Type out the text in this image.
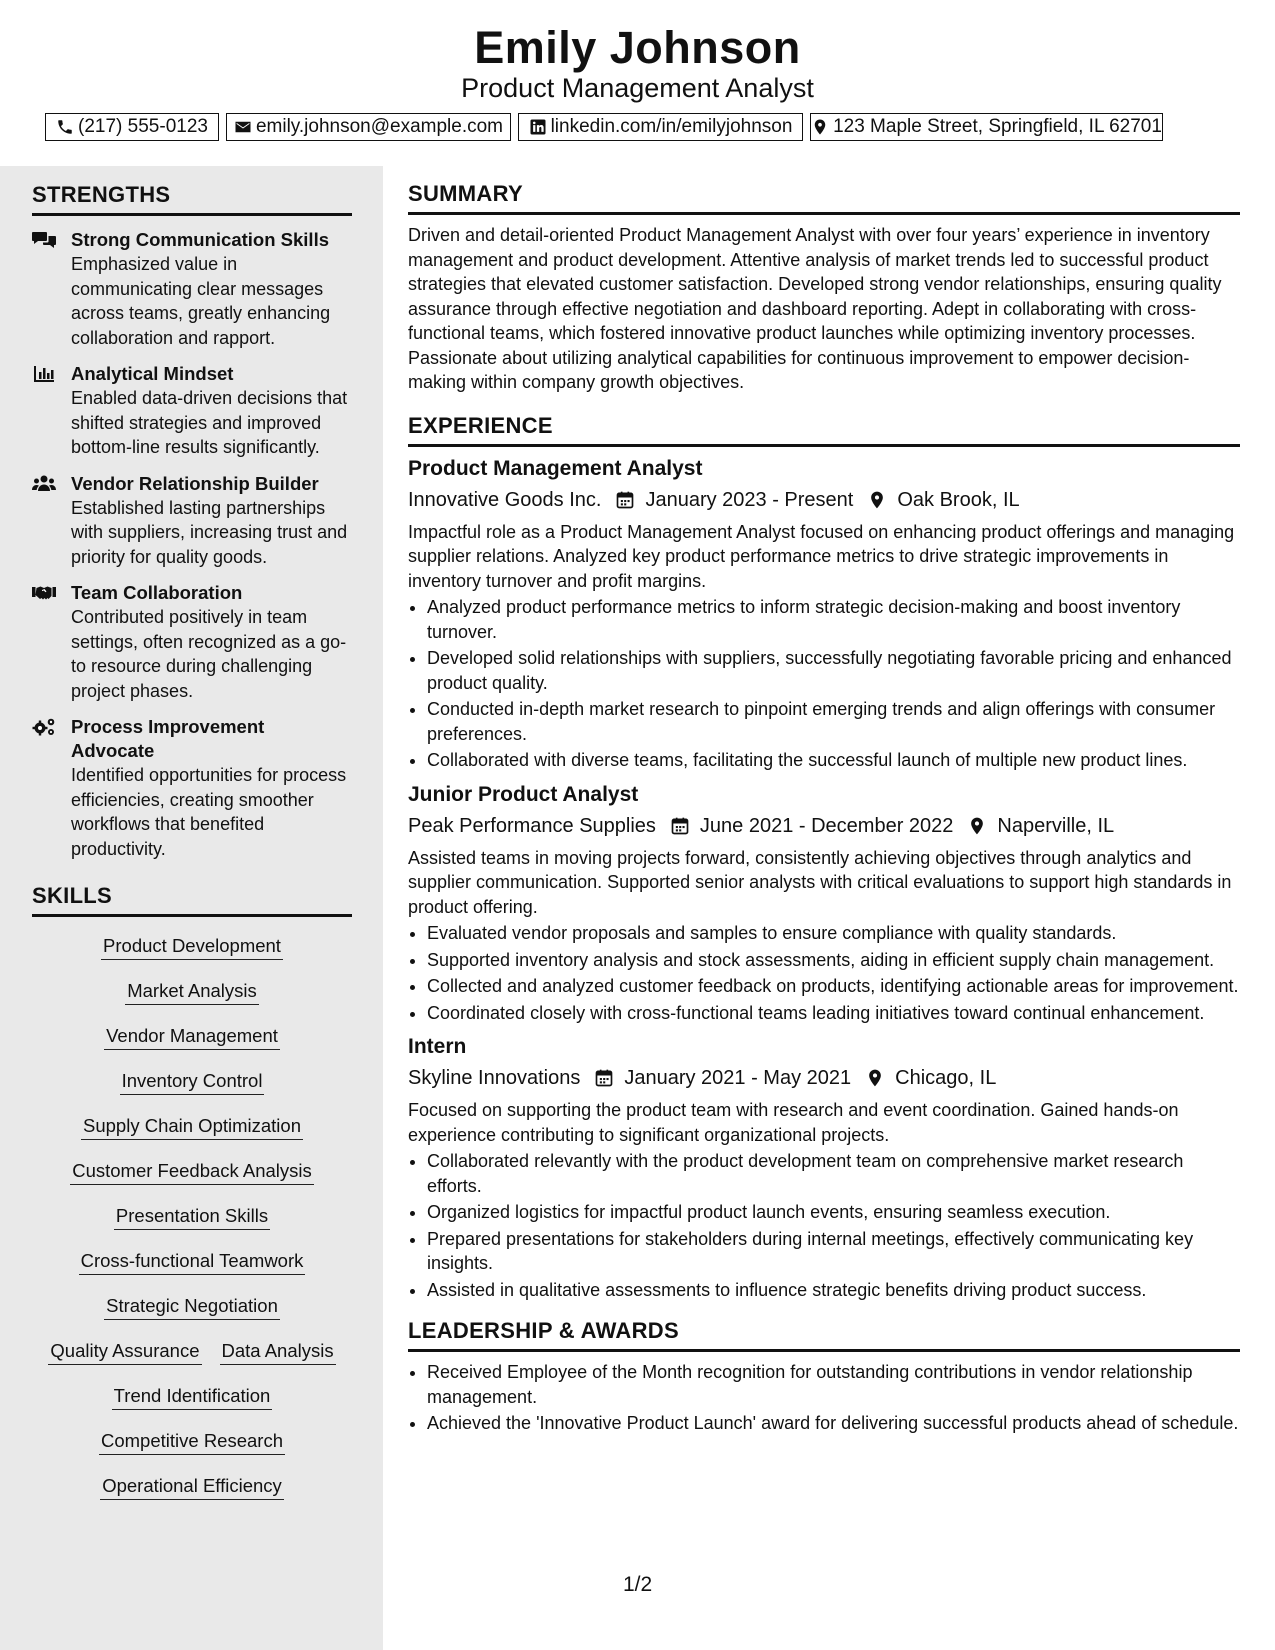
Emily Johnson
Product Management Analyst
(217) 555-0123	emily.johnson@example.com	linkedin.com/in/emilyjohnson 123 Maple Street, Springfield, IL 62701
STRENGTHS
Strong Communication Skills
Emphasized value in communicating clear messages across teams, greatly enhancing collaboration and rapport.
Analytical Mindset
Enabled data-driven decisions that shifted strategies and improved bottom-line results significantly.
Vendor Relationship Builder
Established lasting partnerships with suppliers, increasing trust and priority for quality goods.
Team Collaboration
Contributed positively in team settings, often recognized as a go-to resource during challenging project phases.
Process Improvement Advocate
Identified opportunities for process efficiencies, creating smoother workflows that benefited productivity.
SKILLS
Product Development
Market Analysis
Vendor Management
Inventory Control
Supply Chain Optimization
Customer Feedback Analysis
Presentation Skills
Cross-functional Teamwork
Strategic Negotiation
Quality Assurance Data Analysis
Trend Identification
Competitive Research
Operational Efficiency
SUMMARY
Driven and detail-oriented Product Management Analyst with over four years’ experience in inventory management and product development. Attentive analysis of market trends led to successful product strategies that elevated customer satisfaction. Developed strong vendor relationships, ensuring quality assurance through effective negotiation and dashboard reporting. Adept in collaborating with cross-functional teams, which fostered innovative product launches while optimizing inventory processes. Passionate about utilizing analytical capabilities for continuous improvement to empower decision-making within company growth objectives.
EXPERIENCE
Product Management Analyst
Innovative Goods Inc. January 2023 - Present Oak Brook, IL
Impactful role as a Product Management Analyst focused on enhancing product offerings and managing supplier relations. Analyzed key product performance metrics to drive strategic improvements in inventory turnover and profit margins.
• Analyzed product performance metrics to inform strategic decision-making and boost inventory turnover.
• Developed solid relationships with suppliers, successfully negotiating favorable pricing and enhanced product quality.
• Conducted in-depth market research to pinpoint emerging trends and align offerings with consumer preferences.
• Collaborated with diverse teams, facilitating the successful launch of multiple new product lines.
Junior Product Analyst
Peak Performance Supplies June 2021 - December 2022 Naperville, IL
Assisted teams in moving projects forward, consistently achieving objectives through analytics and supplier communication. Supported senior analysts with critical evaluations to support high standards in product offering.
• Evaluated vendor proposals and samples to ensure compliance with quality standards.
• Supported inventory analysis and stock assessments, aiding in efficient supply chain management.
• Collected and analyzed customer feedback on products, identifying actionable areas for improvement.
• Coordinated closely with cross-functional teams leading initiatives toward continual enhancement.
Intern
Skyline Innovations January 2021 - May 2021 Chicago, IL
Focused on supporting the product team with research and event coordination. Gained hands-on experience contributing to significant organizational projects.
• Collaborated relevantly with the product development team on comprehensive market research efforts.
• Organized logistics for impactful product launch events, ensuring seamless execution.
• Prepared presentations for stakeholders during internal meetings, effectively communicating key insights.
• Assisted in qualitative assessments to influence strategic benefits driving product success.
LEADERSHIP & AWARDS
• Received Employee of the Month recognition for outstanding contributions in vendor relationship management.
• Achieved the 'Innovative Product Launch' award for delivering successful products ahead of schedule.
1/2
